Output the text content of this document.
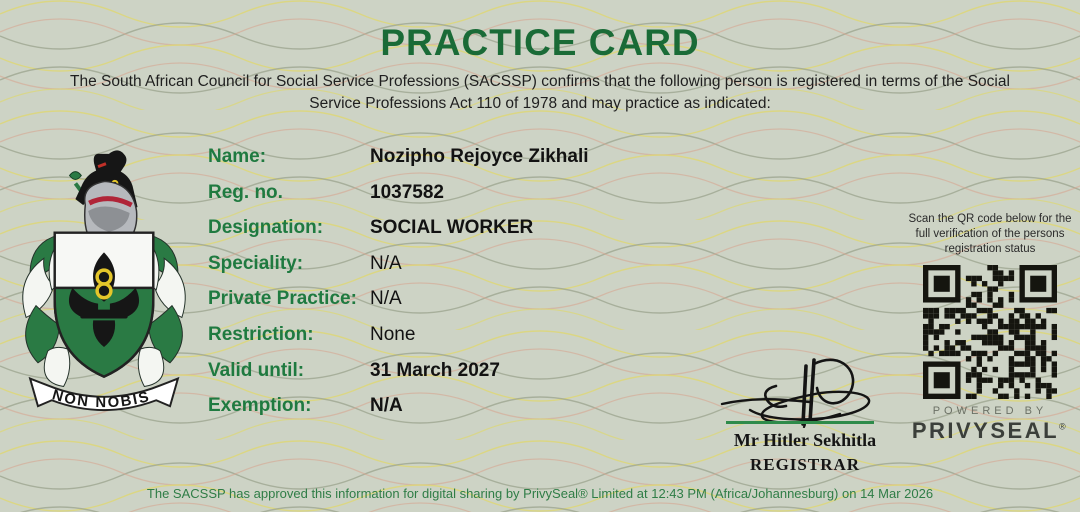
PRACTICE CARD
The South African Council for Social Service Professions (SACSSP) confirms that the following person is registered in terms of the Social
Service Professions Act 110 of 1978 and may practice as indicated:
NON NOBIS
Name:	Nozipho Rejoyce Zikhali
Reg. no.	1037582
Designation:	SOCIAL WORKER
Speciality:	N/A
Private Practice: N/A
Restriction:	None
Valid until:	31 March 2027
Exemption:	N/A
Scan the QR code below for the full verification of the persons registration status
POWERED BY
PRIVYSEAL®
Mr Hitler Sekhitla
REGISTRAR
The SACSSP has approved this information for digital sharing by PrivySeal® Limited at 12:43 PM (Africa/Johannesburg) on 14 Mar 2026
